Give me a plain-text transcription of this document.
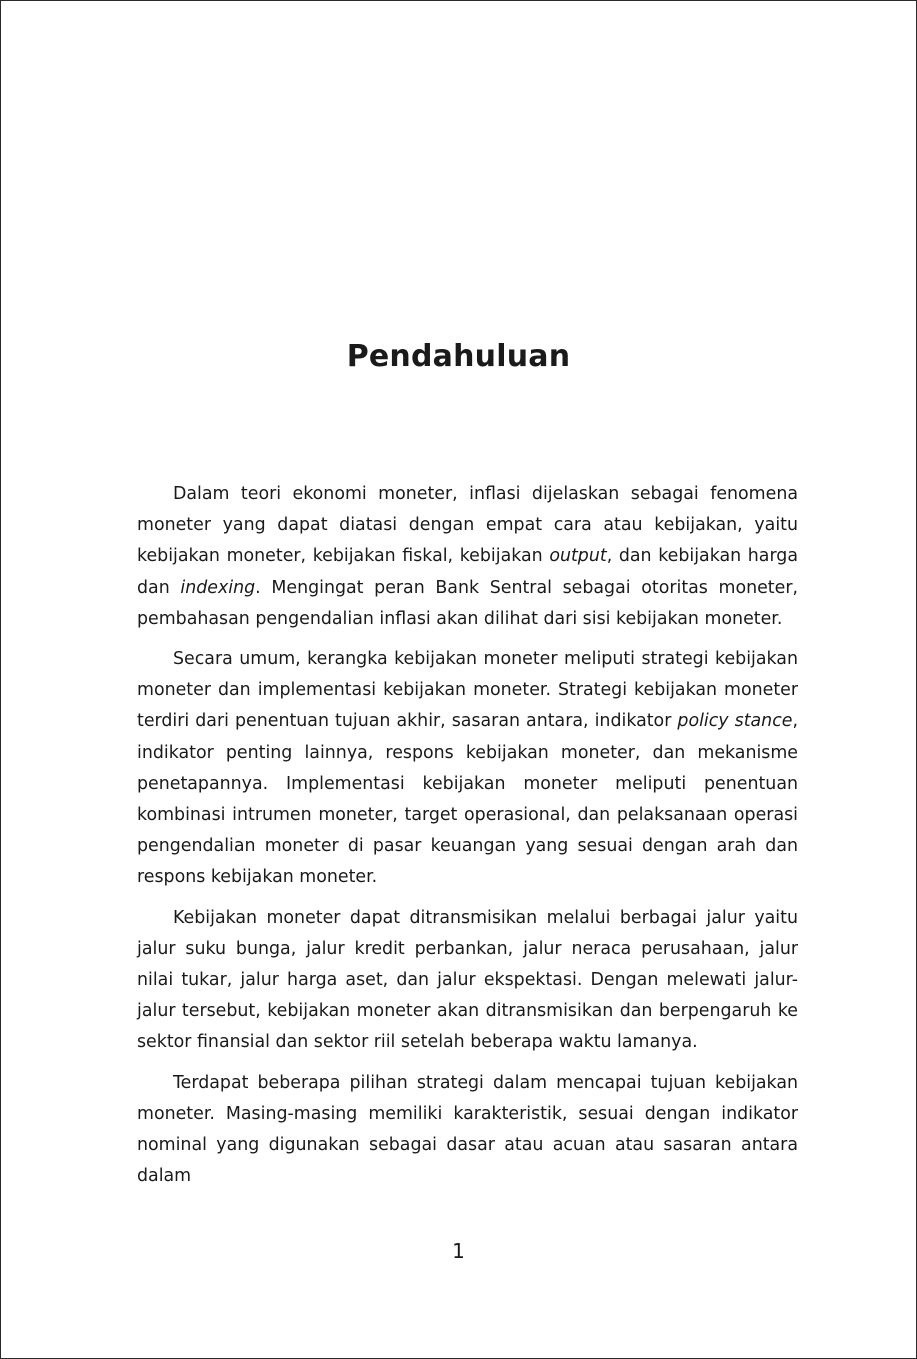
Pendahuluan

Dalam teori ekonomi moneter, inflasi dijelaskan sebagai fenomena moneter yang dapat diatasi dengan empat cara atau kebijakan, yaitu kebijakan moneter, kebijakan fiskal, kebijakan output, dan kebijakan harga dan indexing. Mengingat peran Bank Sentral sebagai otoritas moneter, pembahasan pengendalian inflasi akan dilihat dari sisi kebijakan moneter.

Secara umum, kerangka kebijakan moneter meliputi strategi kebijakan moneter dan implementasi kebijakan moneter. Strategi kebijakan moneter terdiri dari penentuan tujuan akhir, sasaran antara, indikator policy stance, indikator penting lainnya, respons kebijakan moneter, dan mekanisme penetapannya. Implementasi kebijakan moneter meliputi penentuan kombinasi intrumen moneter, target operasional, dan pelaksanaan operasi pengendalian moneter di pasar keuangan yang sesuai dengan arah dan respons kebijakan moneter.

Kebijakan moneter dapat ditransmisikan melalui berbagai jalur yaitu jalur suku bunga, jalur kredit perbankan, jalur neraca perusahaan, jalur nilai tukar, jalur harga aset, dan jalur ekspektasi. Dengan melewati jalur-jalur tersebut, kebijakan moneter akan ditransmisikan dan berpengaruh ke sektor finansial dan sektor riil setelah beberapa waktu lamanya.

Terdapat beberapa pilihan strategi dalam mencapai tujuan kebijakan moneter. Masing-masing memiliki karakteristik, sesuai dengan indikator nominal yang digunakan sebagai dasar atau acuan atau sasaran antara dalam

1
